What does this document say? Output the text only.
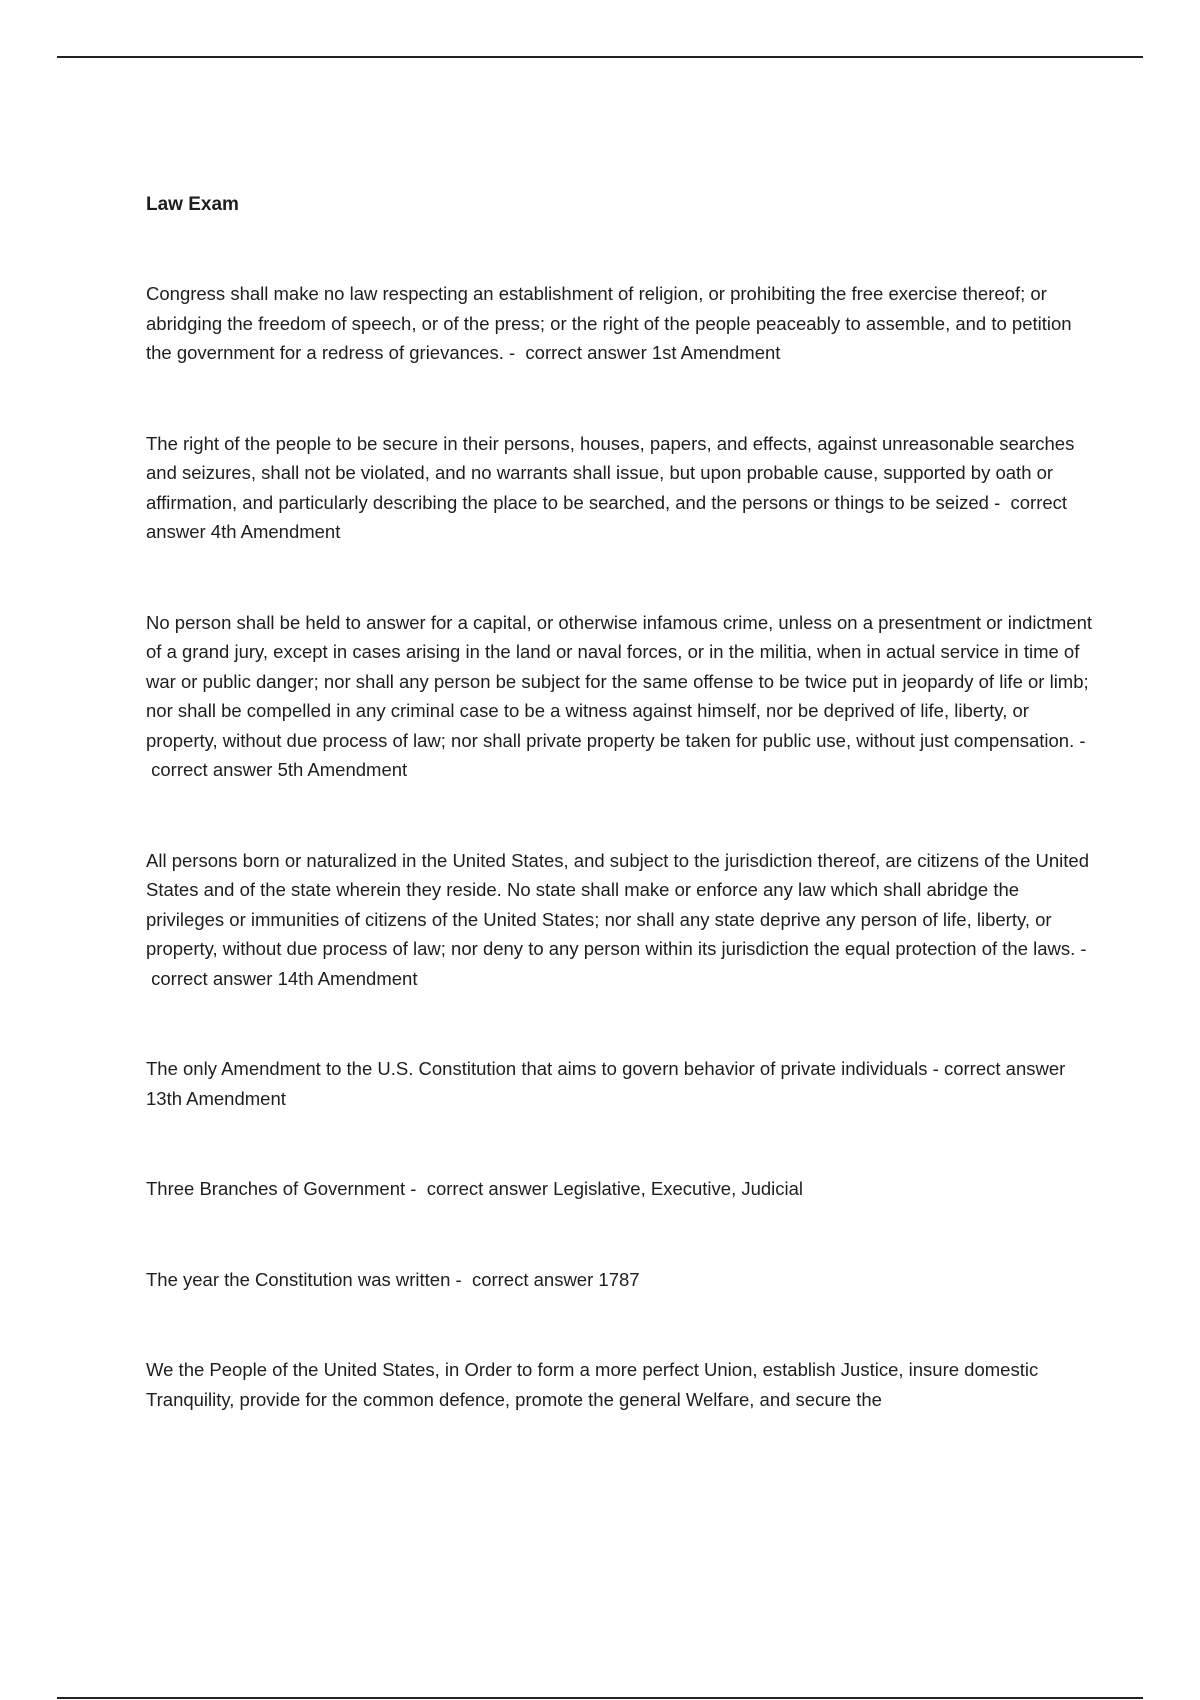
Law Exam

Congress shall make no law respecting an establishment of religion, or prohibiting the free exercise thereof; or abridging the freedom of speech, or of the press; or the right of the people peaceably to assemble, and to petition the government for a redress of grievances. -  correct answer 1st Amendment

The right of the people to be secure in their persons, houses, papers, and effects, against unreasonable searches and seizures, shall not be violated, and no warrants shall issue, but upon probable cause, supported by oath or affirmation, and particularly describing the place to be searched, and the persons or things to be seized -  correct answer 4th Amendment

No person shall be held to answer for a capital, or otherwise infamous crime, unless on a presentment or indictment of a grand jury, except in cases arising in the land or naval forces, or in the militia, when in actual service in time of war or public danger; nor shall any person be subject for the same offense to be twice put in jeopardy of life or limb; nor shall be compelled in any criminal case to be a witness against himself, nor be deprived of life, liberty, or property, without due process of law; nor shall private property be taken for public use, without just compensation. -  correct answer 5th Amendment

All persons born or naturalized in the United States, and subject to the jurisdiction thereof, are citizens of the United States and of the state wherein they reside. No state shall make or enforce any law which shall abridge the privileges or immunities of citizens of the United States; nor shall any state deprive any person of life, liberty, or property, without due process of law; nor deny to any person within its jurisdiction the equal protection of the laws. -  correct answer 14th Amendment

The only Amendment to the U.S. Constitution that aims to govern behavior of private individuals - correct answer 13th Amendment

Three Branches of Government -  correct answer Legislative, Executive, Judicial

The year the Constitution was written -  correct answer 1787

We the People of the United States, in Order to form a more perfect Union, establish Justice, insure domestic Tranquility, provide for the common defence, promote the general Welfare, and secure the
